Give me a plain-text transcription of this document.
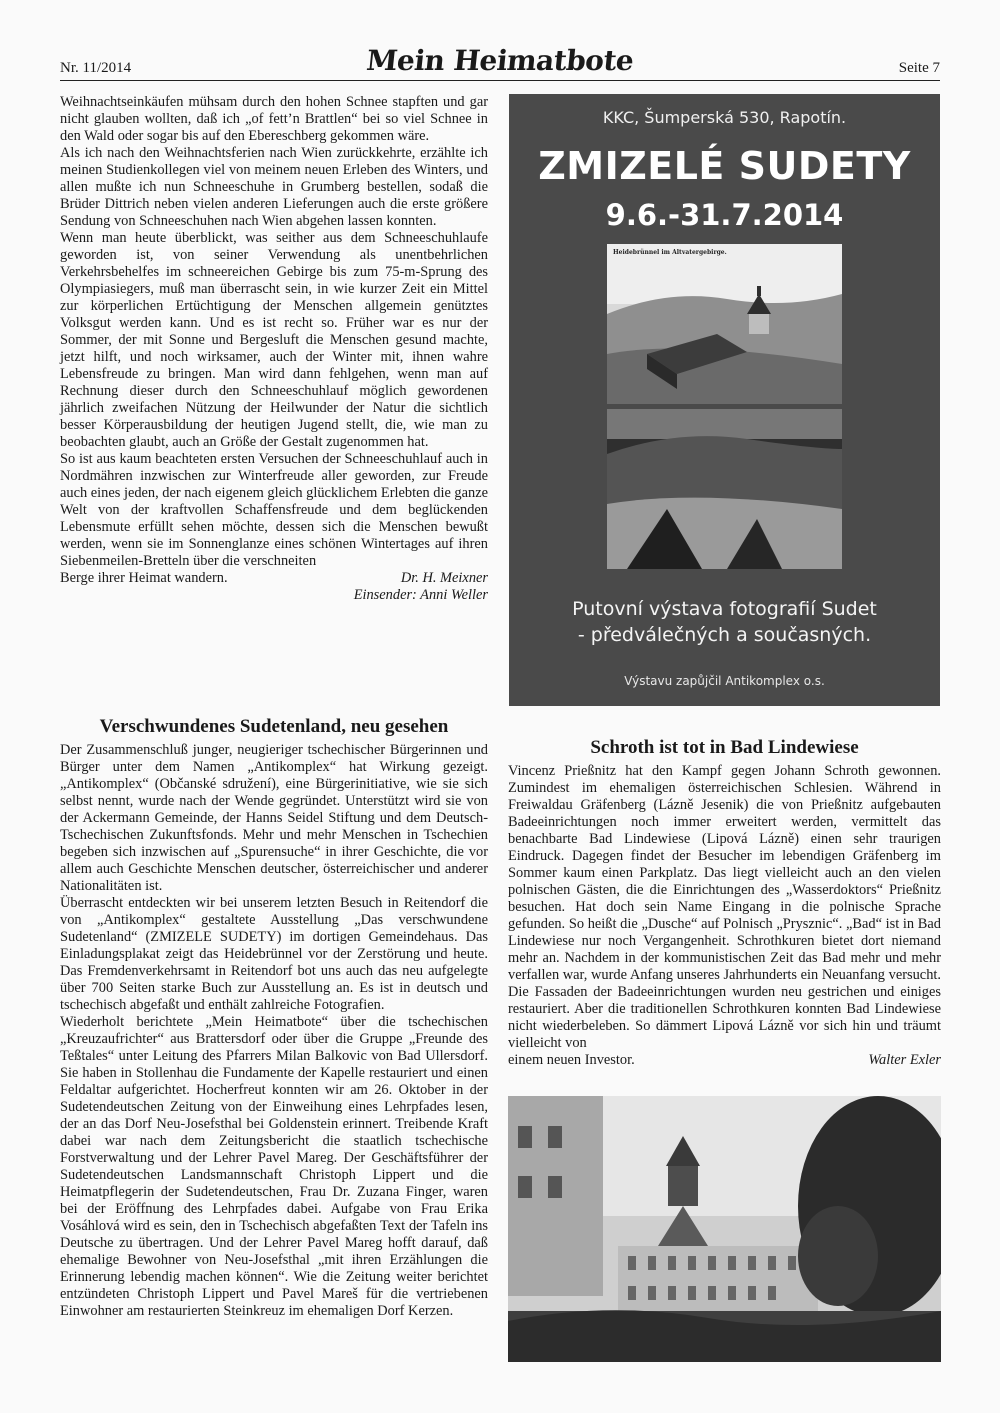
Nr. 11/2014	Mein Heimatbote	Seite 7

Weihnachtseinkäufen mühsam durch den hohen Schnee stapften und gar nicht glauben wollten, daß ich „of fett’n Brattlen“ bei so viel Schnee in den Wald oder sogar bis auf den Ebereschberg gekommen wäre.

Als ich nach den Weihnachtsferien nach Wien zurückkehrte, erzählte ich meinen Studienkollegen viel von meinem neuen Erleben des Winters, und allen mußte ich nun Schneeschuhe in Grumberg bestellen, sodaß die Brüder Dittrich neben vielen anderen Lieferungen auch die erste größere Sendung von Schneeschuhen nach Wien abgehen lassen konnten.

Wenn man heute überblickt, was seither aus dem Schneeschuhlaufe geworden ist, von seiner Verwendung als unentbehrlichen Verkehrsbehelfes im schneereichen Gebirge bis zum 75-m-Sprung des Olympiasiegers, muß man überrascht sein, in wie kurzer Zeit ein Mittel zur körperlichen Ertüchtigung der Menschen allgemein genütztes Volksgut werden kann. Und es ist recht so. Früher war es nur der Sommer, der mit Sonne und Bergesluft die Menschen gesund machte, jetzt hilft, und noch wirksamer, auch der Winter mit, ihnen wahre Lebensfreude zu bringen. Man wird dann fehlgehen, wenn man auf Rechnung dieser durch den Schneeschuhlauf möglich gewordenen jährlich zweifachen Nützung der Heilwunder der Natur die sichtlich besser Körperausbildung der heutigen Jugend stellt, die, wie man zu beobachten glaubt, auch an Größe der Gestalt zugenommen hat.

So ist aus kaum beachteten ersten Versuchen der Schneeschuhlauf auch in Nordmähren inzwischen zur Winterfreude aller geworden, zur Freude auch eines jeden, der nach eigenem gleich glücklichem Erlebten die ganze Welt von der kraftvollen Schaffensfreude und dem beglückenden Lebensmute erfüllt sehen möchte, dessen sich die Menschen bewußt werden, wenn sie im Sonnenglanze eines schönen Wintertages auf ihren Siebenmeilen-Bretteln über die verschneiten

Berge ihrer Heimat wandern.	Dr. H. Meixner

Einsender: Anni Weller

Verschwundenes Sudetenland, neu gesehen

Der Zusammenschluß junger, neugieriger tschechischer Bürgerinnen und Bürger unter dem Namen „Antikomplex“ hat Wirkung gezeigt. „Antikomplex“ (Občanské sdružení), eine Bürgerinitiative, wie sie sich selbst nennt, wurde nach der Wende gegründet. Unterstützt wird sie von der Ackermann Gemeinde, der Hanns Seidel Stiftung und dem Deutsch-Tschechischen Zukunftsfonds. Mehr und mehr Menschen in Tschechien begeben sich inzwischen auf „Spurensuche“ in ihrer Geschichte, die vor allem auch Geschichte Menschen deutscher, österreichischer und anderer Nationalitäten ist.

Überrascht entdeckten wir bei unserem letzten Besuch in Reitendorf die von „Antikomplex“ gestaltete Ausstellung „Das verschwundene Sudetenland“ (ZMIZELE SUDETY) im dortigen Gemeindehaus. Das Einladungsplakat zeigt das Heidebrünnel vor der Zerstörung und heute. Das Fremdenverkehrsamt in Reitendorf bot uns auch das neu aufgelegte über 700 Seiten starke Buch zur Ausstellung an. Es ist in deutsch und tschechisch abgefaßt und enthält zahlreiche Fotografien.

Wiederholt berichtete „Mein Heimatbote“ über die tschechischen „Kreuzaufrichter“ aus Brattersdorf oder über die Gruppe „Freunde des Teßtales“ unter Leitung des Pfarrers Milan Balkovic von Bad Ullersdorf. Sie haben in Stollenhau die Fundamente der Kapelle restauriert und einen Feldaltar aufgerichtet. Hocherfreut konnten wir am 26. Oktober in der Sudetendeutschen Zeitung von der Einweihung eines Lehrpfades lesen, der an das Dorf Neu-Josefsthal bei Goldenstein erinnert. Treibende Kraft dabei war nach dem Zeitungsbericht die staatlich tschechische Forstverwaltung und der Lehrer Pavel Mareg. Der Geschäftsführer der Sudetendeutschen Landsmannschaft Christoph Lippert und die Heimatpflegerin der Sudetendeutschen, Frau Dr. Zuzana Finger, waren bei der Eröffnung des Lehrpfades dabei. Aufgabe von Frau Erika Vosáhlová wird es sein, den in Tschechisch abgefaßten Text der Tafeln ins Deutsche zu übertragen. Und der Lehrer Pavel Mareg hofft darauf, daß ehemalige Bewohner von Neu-Josefsthal „mit ihren Erzählungen die Erinnerung lebendig machen können“. Wie die Zeitung weiter berichtet entzündeten Christoph Lippert und Pavel Mareš für die vertriebenen Einwohner am restaurierten Steinkreuz im ehemaligen Dorf Kerzen.

KKC, Šumperská 530, Rapotín.
ZMIZELÉ SUDETY
9.6.-31.7.2014
Heidebrünnel im Altvatergebirge.
Putovní výstava fotografií Sudet
- předválečných a současných.
Výstavu zapůjčil Antikomplex o.s.
Schroth ist tot in Bad Lindewiese

Vincenz Prießnitz hat den Kampf gegen Johann Schroth gewonnen. Zumindest im ehemaligen österreichischen Schlesien. Während in Freiwaldau Gräfenberg (Lázně Jesenik) die von Prießnitz aufgebauten Badeeinrichtungen noch immer erweitert werden, vermittelt das benachbarte Bad Lindewiese (Lipová Lázně) einen sehr traurigen Eindruck. Dagegen findet der Besucher im lebendigen Gräfenberg im Sommer kaum einen Parkplatz. Das liegt vielleicht auch an den vielen polnischen Gästen, die die Einrichtungen des „Wasserdoktors“ Prießnitz besuchen. Hat doch sein Name Eingang in die polnische Sprache gefunden. So heißt die „Dusche“ auf Polnisch „Prysznic“. „Bad“ ist in Bad Lindewiese nur noch Vergangenheit. Schrothkuren bietet dort niemand mehr an. Nachdem in der kommunistischen Zeit das Bad mehr und mehr verfallen war, wurde Anfang unseres Jahrhunderts ein Neuanfang versucht. Die Fassaden der Badeeinrichtungen wurden neu gestrichen und einiges restauriert. Aber die traditionellen Schrothkuren konnten Bad Lindewiese nicht wiederbeleben. So dämmert Lipová Lázně vor sich hin und träumt vielleicht von

einem neuen Investor.	Walter Exler
